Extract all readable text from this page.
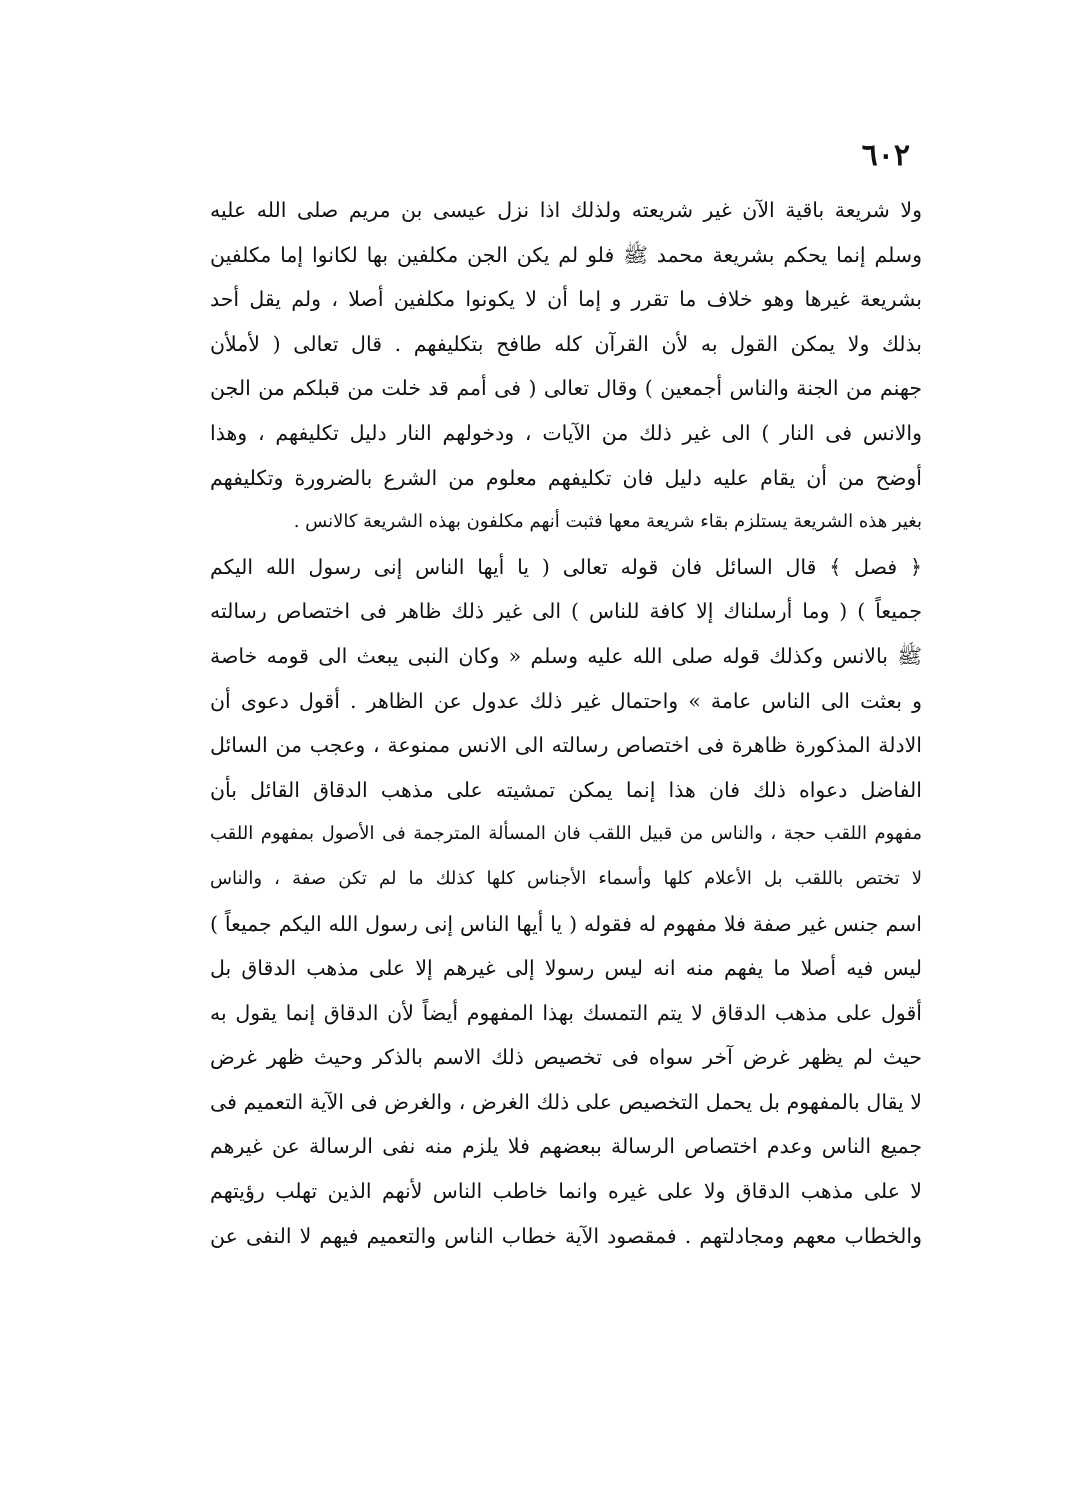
٦٠٢
ولا شريعة باقية الآن غير شريعته ولذلك اذا نزل عيسى بن مريم صلى الله عليه
وسلم إنما يحكم بشريعة محمد ﷺ فلو لم يكن الجن مكلفين بها لكانوا إما مكلفين
بشريعة غيرها وهو خلاف ما تقرر و إما أن لا يكونوا مكلفين أصلا ، ولم يقل أحد
بذلك ولا يمكن القول به لأن القرآن كله طافح بتكليفهم . قال تعالى ( لأملأن
جهنم من الجنة والناس أجمعين ) وقال تعالى ( فى أمم قد خلت من قبلكم من الجن
والانس فى النار ) الى غير ذلك من الآيات ، ودخولهم النار دليل تكليفهم ، وهذا
أوضح من أن يقام عليه دليل فان تكليفهم معلوم من الشرع بالضرورة وتكليفهم
بغير هذه الشريعة يستلزم بقاء شريعة معها فثبت أنهم مكلفون بهذه الشريعة كالانس .
﴿ فصل ﴾ قال السائل فان قوله تعالى ( يا أيها الناس إنى رسول الله اليكم
جميعاً ) ( وما أرسلناك إلا كافة للناس ) الى غير ذلك ظاهر فى اختصاص رسالته
ﷺ بالانس وكذلك قوله صلى الله عليه وسلم « وكان النبى يبعث الى قومه خاصة
و بعثت الى الناس عامة » واحتمال غير ذلك عدول عن الظاهر . أقول دعوى أن
الادلة المذكورة ظاهرة فى اختصاص رسالته الى الانس ممنوعة ، وعجب من السائل
الفاضل دعواه ذلك فان هذا إنما يمكن تمشيته على مذهب الدقاق القائل بأن
مفهوم اللقب حجة ، والناس من قبيل اللقب فان المسألة المترجمة فى الأصول بمفهوم اللقب
لا تختص باللقب بل الأعلام كلها وأسماء الأجناس كلها كذلك ما لم تكن صفة ، والناس
اسم جنس غير صفة فلا مفهوم له فقوله ( يا أيها الناس إنى رسول الله اليكم جميعاً )
ليس فيه أصلا ما يفهم منه انه ليس رسولا إلى غيرهم إلا على مذهب الدقاق بل
أقول على مذهب الدقاق لا يتم التمسك بهذا المفهوم أيضاً لأن الدقاق إنما يقول به
حيث لم يظهر غرض آخر سواه فى تخصيص ذلك الاسم بالذكر وحيث ظهر غرض
لا يقال بالمفهوم بل يحمل التخصيص على ذلك الغرض ، والغرض فى الآية التعميم فى
جميع الناس وعدم اختصاص الرسالة ببعضهم فلا يلزم منه نفى الرسالة عن غيرهم
لا على مذهب الدقاق ولا على غيره وانما خاطب الناس لأنهم الذين تهلب رؤيتهم
والخطاب معهم ومجادلتهم . فمقصود الآية خطاب الناس والتعميم فيهم لا النفى عن
